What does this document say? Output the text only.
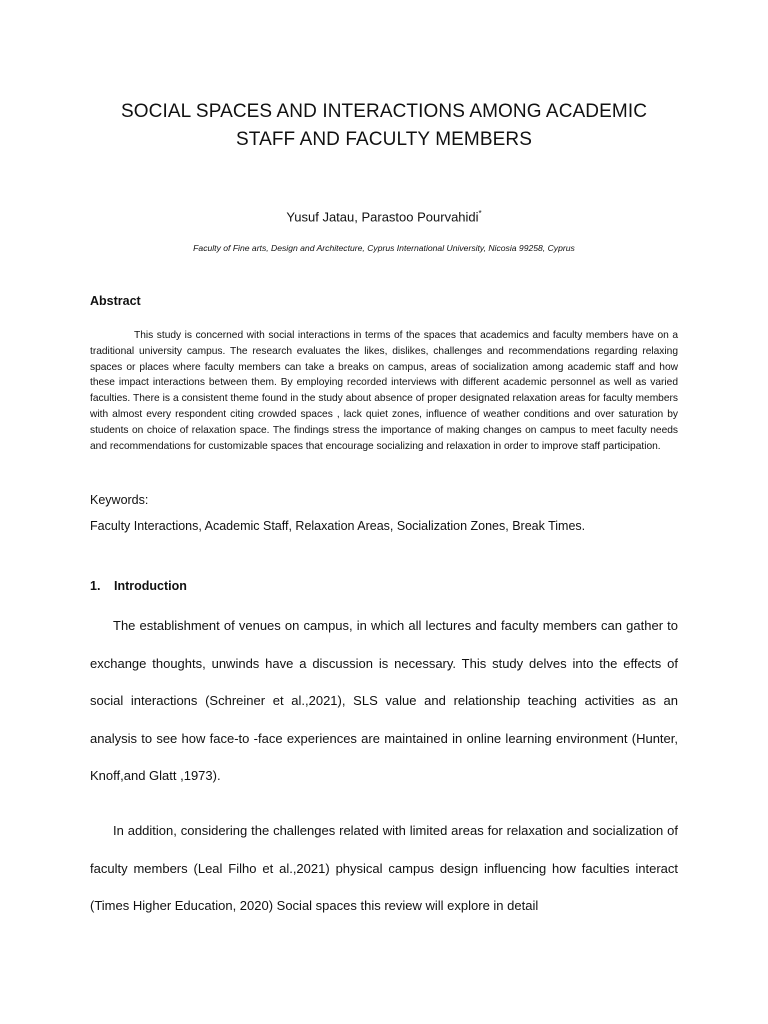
SOCIAL SPACES AND INTERACTIONS AMONG ACADEMIC STAFF AND FACULTY MEMBERS
Yusuf Jatau, Parastoo Pourvahidi*
Faculty of Fine arts, Design and Architecture, Cyprus International University, Nicosia 99258, Cyprus
Abstract

This study is concerned with social interactions in terms of the spaces that academics and faculty members have on a traditional university campus. The research evaluates the likes, dislikes, challenges and recommendations regarding relaxing spaces or places where faculty members can take a breaks on campus, areas of socialization among academic staff and how these impact interactions between them. By employing recorded interviews with different academic personnel as well as varied faculties. There is a consistent theme found in the study about absence of proper designated relaxation areas for faculty members with almost every respondent citing crowded spaces , lack quiet zones, influence of weather conditions and over saturation by students on choice of relaxation space. The findings stress the importance of making changes on campus to meet faculty needs and recommendations for customizable spaces that encourage socializing and relaxation in order to improve staff participation.

Keywords:

Faculty Interactions, Academic Staff, Relaxation Areas, Socialization Zones, Break Times.

1. Introduction

The establishment of venues on campus, in which all lectures and faculty members can gather to exchange thoughts, unwinds have a discussion is necessary. This study delves into the effects of social interactions (Schreiner et al.,2021), SLS value and relationship teaching activities as an analysis to see how face-to -face experiences are maintained in online learning environment (Hunter, Knoff,and Glatt ,1973).

In addition, considering the challenges related with limited areas for relaxation and socialization of faculty members (Leal Filho et al.,2021) physical campus design influencing how faculties interact (Times Higher Education, 2020) Social spaces this review will explore in detail
